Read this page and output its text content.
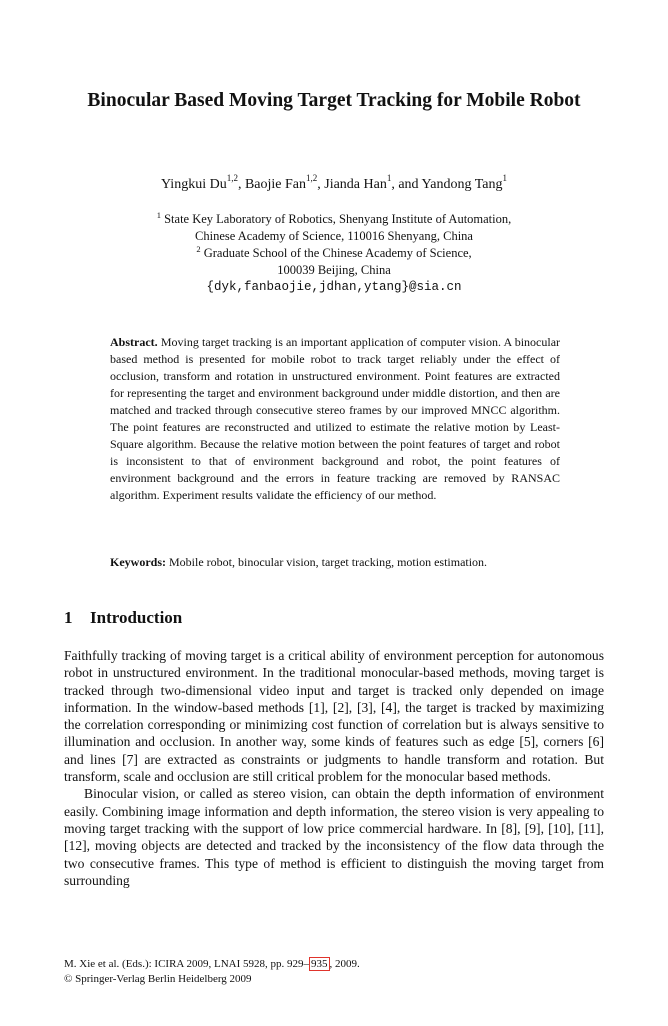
Binocular Based Moving Target Tracking for Mobile Robot
Yingkui Du$^{1,2}$, Baojie Fan$^{1,2}$, Jianda Han$^1$, and Yandong Tang$^1$
$^1$ State Key Laboratory of Robotics, Shenyang Institute of Automation,
Chinese Academy of Science, 110016 Shenyang, China
$^2$ Graduate School of the Chinese Academy of Science,
100039 Beijing, China
{dyk,fanbaojie,jdhan,ytang}@sia.cn
Abstract. Moving target tracking is an important application of computer vision. A binocular based method is presented for mobile robot to track target reliably under the effect of occlusion, transform and rotation in unstructured environment. Point features are extracted for representing the target and environment background under middle distortion, and then are matched and tracked through consecutive stereo frames by our improved MNCC algorithm. The point features are reconstructed and utilized to estimate the relative motion by Least-Square algorithm. Because the relative motion between the point features of target and robot is inconsistent to that of environment background and robot, the point features of environment background and the errors in feature tracking are removed by RANSAC algorithm. Experiment results validate the efficiency of our method.
Keywords: Mobile robot, binocular vision, target tracking, motion estimation.
1 Introduction

Faithfully tracking of moving target is a critical ability of environment perception for autonomous robot in unstructured environment. In the traditional monocular-based methods, moving target is tracked through two-dimensional video input and target is tracked only depended on image information. In the window-based methods [1], [2], [3], [4], the target is tracked by maximizing the correlation corresponding or minimizing cost function of correlation but is always sensitive to illumination and occlusion. In another way, some kinds of features such as edge [5], corners [6] and lines [7] are extracted as constraints or judgments to handle transform and rotation. But transform, scale and occlusion are still critical problem for the monocular based methods.

Binocular vision, or called as stereo vision, can obtain the depth information of environment easily. Combining image information and depth information, the stereo vision is very appealing to moving target tracking with the support of low price commercial hardware. In [8], [9], [10], [11], [12], moving objects are detected and tracked by the inconsistency of the flow data through the two consecutive frames. This type of method is efficient to distinguish the moving target from surrounding

M. Xie et al. (Eds.): ICIRA 2009, LNAI 5928, pp. 929– 935 , 2009.
© Springer-Verlag Berlin Heidelberg 2009
